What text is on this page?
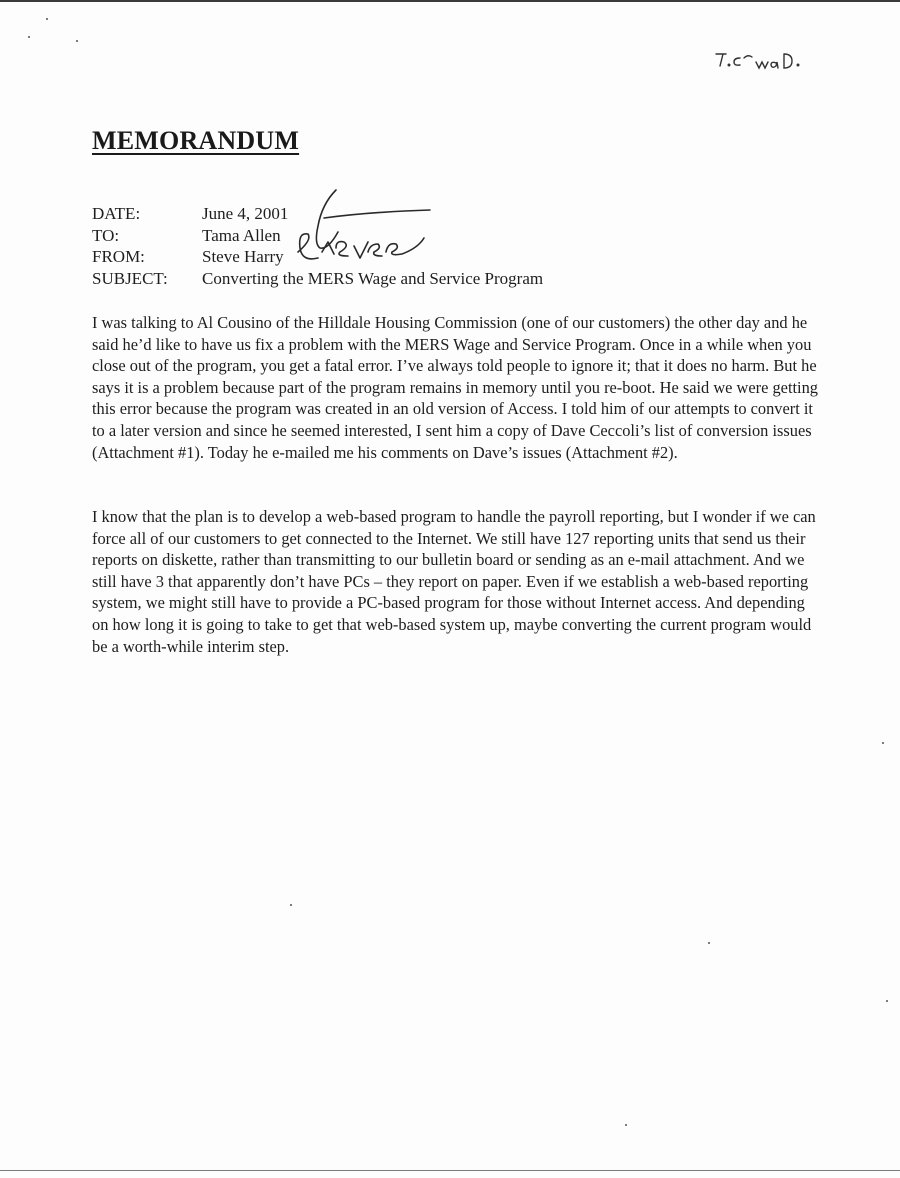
MEMORANDUM
DATE:	June 4, 2001
TO:	Tama Allen
FROM:	Steve Harry
SUBJECT:	Converting the MERS Wage and Service Program

I was talking to Al Cousino of the Hilldale Housing Commission (one of our customers) the other day and he said he’d like to have us fix a problem with the MERS Wage and Service Program. Once in a while when you close out of the program, you get a fatal error. I’ve always told people to ignore it; that it does no harm. But he says it is a problem because part of the program remains in memory until you re-boot. He said we were getting this error because the program was created in an old version of Access. I told him of our attempts to convert it to a later version and since he seemed interested, I sent him a copy of Dave Ceccoli’s list of conversion issues (Attachment #1). Today he e-mailed me his comments on Dave’s issues (Attachment #2).

I know that the plan is to develop a web-based program to handle the payroll reporting, but I wonder if we can force all of our customers to get connected to the Internet. We still have 127 reporting units that send us their reports on diskette, rather than transmitting to our bulletin board or sending as an e-mail attachment. And we still have 3 that apparently don’t have PCs – they report on paper. Even if we establish a web-based reporting system, we might still have to provide a PC-based program for those without Internet access. And depending on how long it is going to take to get that web-based system up, maybe converting the current program would be a worth-while interim step.
